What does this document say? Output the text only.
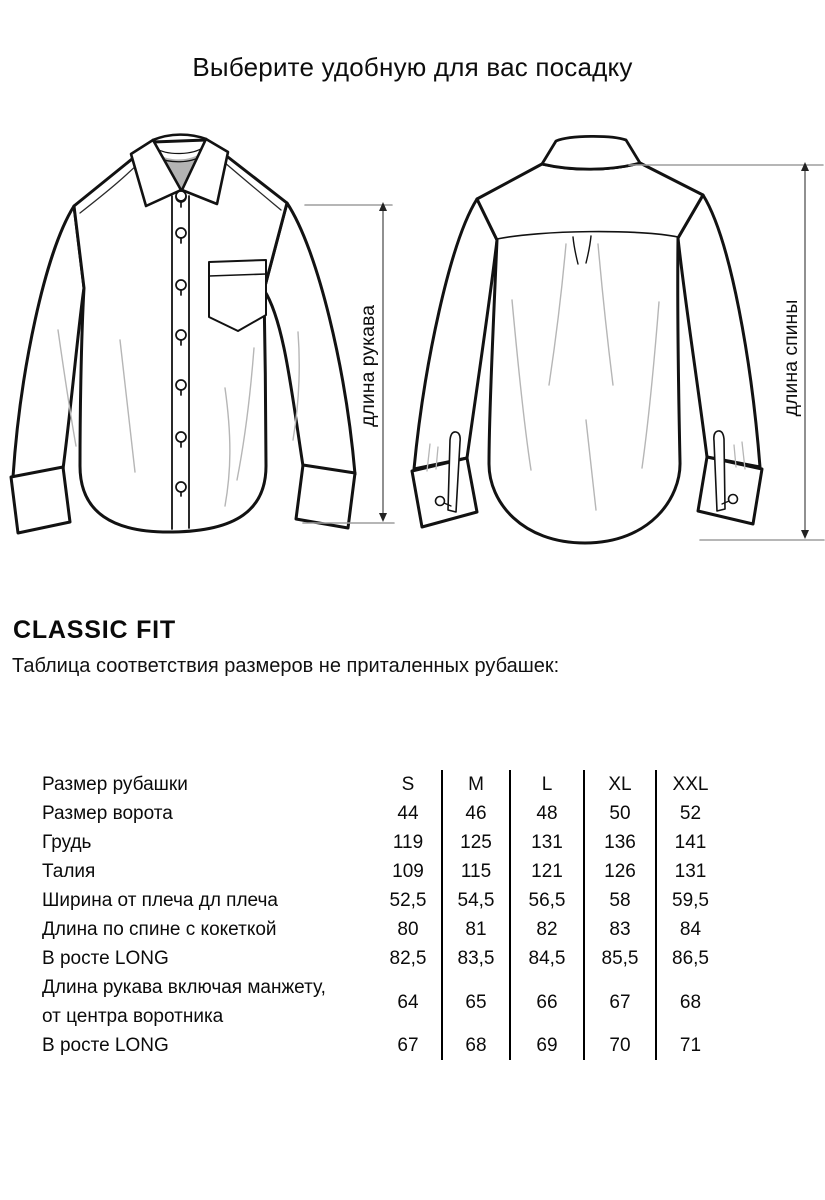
Выберите удобную для вас посадку
длина рукава	длина спины
CLASSIC FIT
Таблица соответствия размеров не приталенных рубашек:
Размер рубашки	S	M	L	XL	XXL
Размер ворота	44	46	48	50	52
Грудь	119	125	131	136	141
Талия	109	115	121	126	131
Ширина от плеча дл плеча	52,5	54,5	56,5	58	59,5
Длина по спине с кокеткой	80	81	82	83	84
В росте LONG	82,5	83,5	84,5	85,5	86,5

Длина рукава включая манжету,
от центра воротника	64	65	66	67	68
В росте LONG	67	68	69	70	71
